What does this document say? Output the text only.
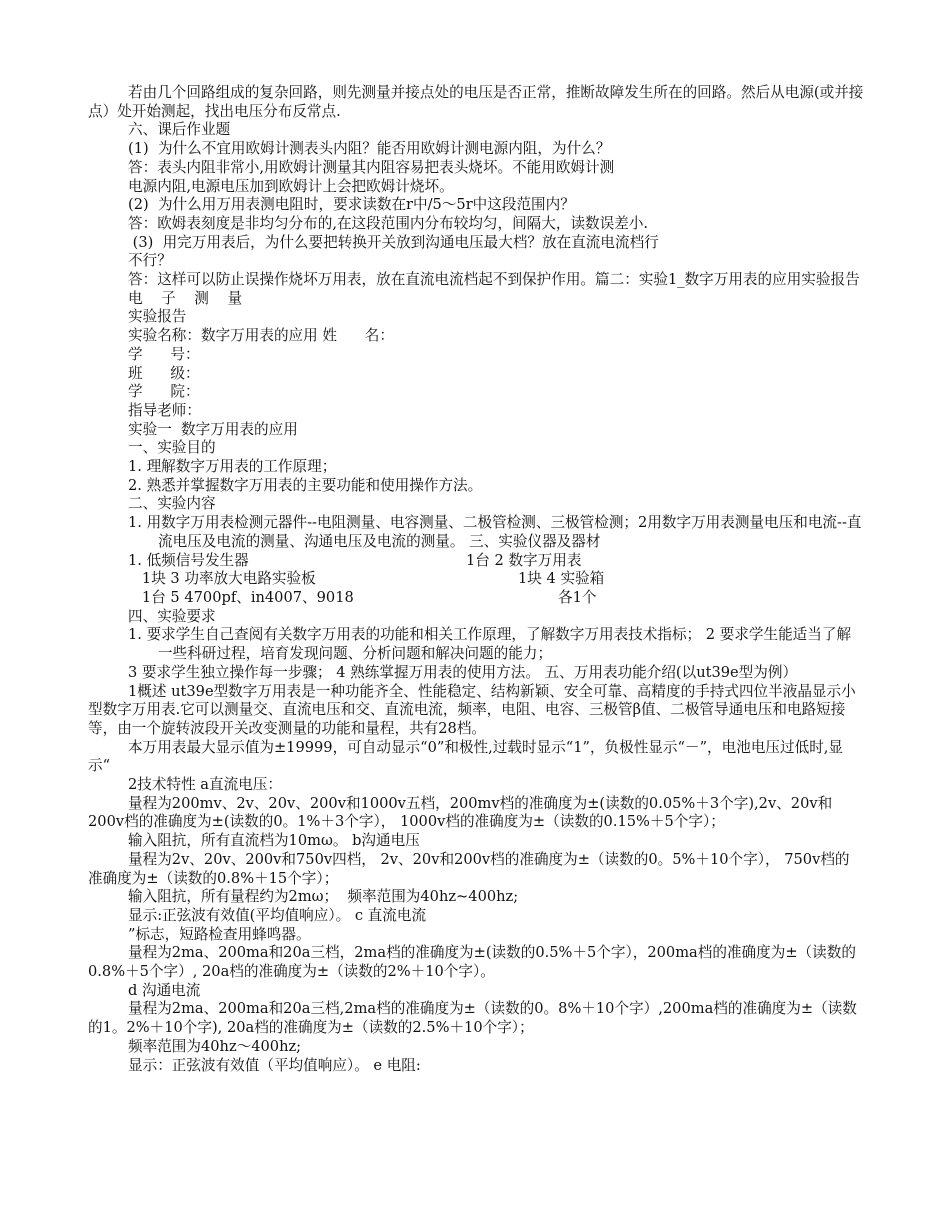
若由几个回路组成的复杂回路，则先测量并接点处的电压是否正常，推断故障发生所在的回路。然后从电源(或并接点）处开始测起，找出电压分布反常点.
六、课后作业题
(1)  为什么不宜用欧姆计测表头内阻？能否用欧姆计测电源内阻，为什么？
答：表头内阻非常小,用欧姆计测量其内阻容易把表头烧坏。不能用欧姆计测
电源内阻,电源电压加到欧姆计上会把欧姆计烧坏。
(2)  为什么用万用表测电阻时，要求读数在r中/5～5r中这段范围内？
答：欧姆表刻度是非均匀分布的,在这段范围内分布较均匀，间隔大，读数误差小.
(3)  用完万用表后，为什么要把转换开关放到沟通电压最大档？放在直流电流档行
不行？
答：这样可以防止误操作烧坏万用表，放在直流电流档起不到保护作用。篇二：实验1_数字万用表的应用实验报告
电    子    测    量
实验报告
实验名称：数字万用表的应用 姓      名：
学      号：
班      级：
学      院：
指导老师：
实验一  数字万用表的应用
一、实验目的
1. 理解数字万用表的工作原理；
2. 熟悉并掌握数字万用表的主要功能和使用操作方法。
二、实验内容
1. 用数字万用表检测元器件--电阻测量、电容测量、二极管检测、三极管检测；2用数字万用表测量电压和电流--直流电压及电流的测量、沟通电压及电流的测量。 三、实验仪器及器材
1. 低频信号发生器	1台 2 数字万用表
1块 3 功率放大电路实验板	1块 4 实验箱
1台 5 4700pf、in4007、9018	各1个
四、实验要求
1. 要求学生自己查阅有关数字万用表的功能和相关工作原理，了解数字万用表技术指标； 2 要求学生能适当了解一些科研过程，培育发现问题、分析问题和解决问题的能力；
3 要求学生独立操作每一步骤； 4 熟练掌握万用表的使用方法。 五、万用表功能介绍(以ut39e型为例）
1概述 ut39e型数字万用表是一种功能齐全、性能稳定、结构新颖、安全可靠、高精度的手持式四位半液晶显示小型数字万用表.它可以测量交、直流电压和交、直流电流，频率，电阻、电容、三极管β值、二极管导通电压和电路短接等，由一个旋转波段开关改变测量的功能和量程，共有28档。
本万用表最大显示值为±19999，可自动显示“0”和极性,过载时显示“1”，负极性显示“－”，电池电压过低时,显示“
2技术特性 a直流电压：
量程为200mv、2v、20v、200v和1000v五档，200mv档的准确度为±(读数的0.05%＋3个字),2v、20v和200v档的准确度为±(读数的0。1%＋3个字）， 1000v档的准确度为±（读数的0.15%＋5个字）；
输入阻抗，所有直流档为10mω。 b沟通电压
量程为2v、20v、200v和750v四档， 2v、20v和200v档的准确度为±（读数的0。5%＋10个字）， 750v档的准确度为±（读数的0.8%＋15个字）；
输入阻抗，所有量程约为2mω；  频率范围为40hz~400hz;
显示:正弦波有效值(平均值响应）。 c 直流电流
”标志，短路检查用蜂鸣器。
量程为2ma、200ma和20a三档，2ma档的准确度为±(读数的0.5%＋5个字），200ma档的准确度为±（读数的0.8%＋5个字）, 20a档的准确度为±（读数的2%＋10个字）。
d 沟通电流
量程为2ma、200ma和20a三档,2ma档的准确度为±（读数的0。8%＋10个字）,200ma档的准确度为±（读数的1。2%＋10个字), 20a档的准确度为±（读数的2.5%＋10个字）；
频率范围为40hz～400hz;
显示：正弦波有效值（平均值响应）。 e 电阻:
